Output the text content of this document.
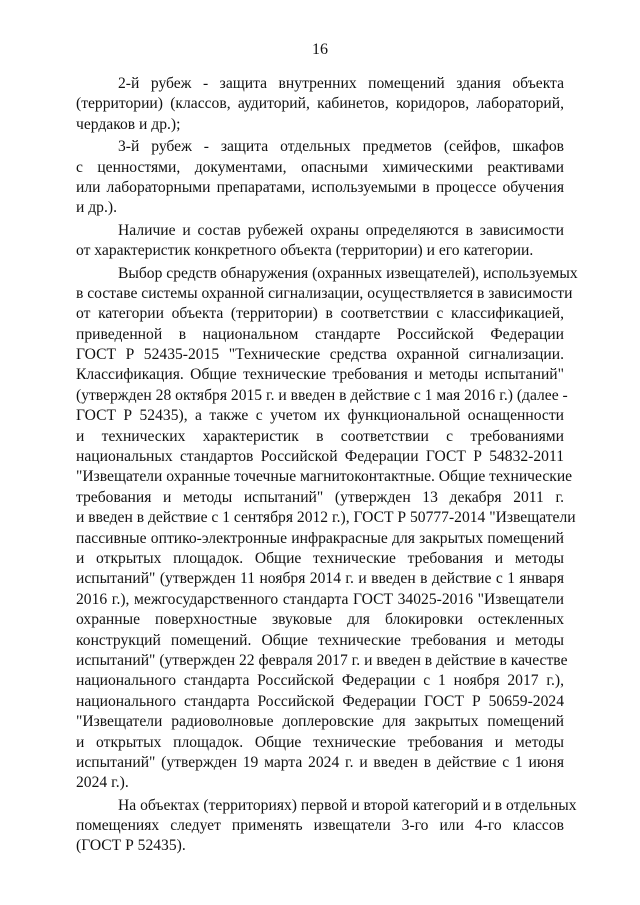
16
2-й рубеж - защита внутренних помещений здания объекта
(территории) (классов, аудиторий, кабинетов, коридоров, лабораторий,
чердаков и др.);
3-й рубеж - защита отдельных предметов (сейфов, шкафов
с ценностями, документами, опасными химическими реактивами
или лабораторными препаратами, используемыми в процессе обучения
и др.).
Наличие и состав рубежей охраны определяются в зависимости
от характеристик конкретного объекта (территории) и его категории.
Выбор средств обнаружения (охранных извещателей), используемых
в составе системы охранной сигнализации, осуществляется в зависимости
от категории объекта (территории) в соответствии с классификацией,
приведенной в национальном стандарте Российской Федерации
ГОСТ Р 52435-2015 "Технические средства охранной сигнализации.
Классификация. Общие технические требования и методы испытаний"
(утвержден 28 октября 2015 г. и введен в действие с 1 мая 2016 г.) (далее -
ГОСТ Р 52435), а также с учетом их функциональной оснащенности
и технических характеристик в соответствии с требованиями
национальных стандартов Российской Федерации ГОСТ Р 54832-2011
"Извещатели охранные точечные магнитоконтактные. Общие технические
требования и методы испытаний" (утвержден 13 декабря 2011 г.
и введен в действие с 1 сентября 2012 г.), ГОСТ Р 50777-2014 "Извещатели
пассивные оптико-электронные инфракрасные для закрытых помещений
и открытых площадок. Общие технические требования и методы
испытаний" (утвержден 11 ноября 2014 г. и введен в действие с 1 января
2016 г.), межгосударственного стандарта ГОСТ 34025-2016 "Извещатели
охранные поверхностные звуковые для блокировки остекленных
конструкций помещений. Общие технические требования и методы
испытаний" (утвержден 22 февраля 2017 г. и введен в действие в качестве
национального стандарта Российской Федерации с 1 ноября 2017 г.),
национального стандарта Российской Федерации ГОСТ Р 50659-2024
"Извещатели радиоволновые доплеровские для закрытых помещений
и открытых площадок. Общие технические требования и методы
испытаний" (утвержден 19 марта 2024 г. и введен в действие с 1 июня
2024 г.).
На объектах (территориях) первой и второй категорий и в отдельных
помещениях следует применять извещатели 3-го или 4-го классов
(ГОСТ Р 52435).
